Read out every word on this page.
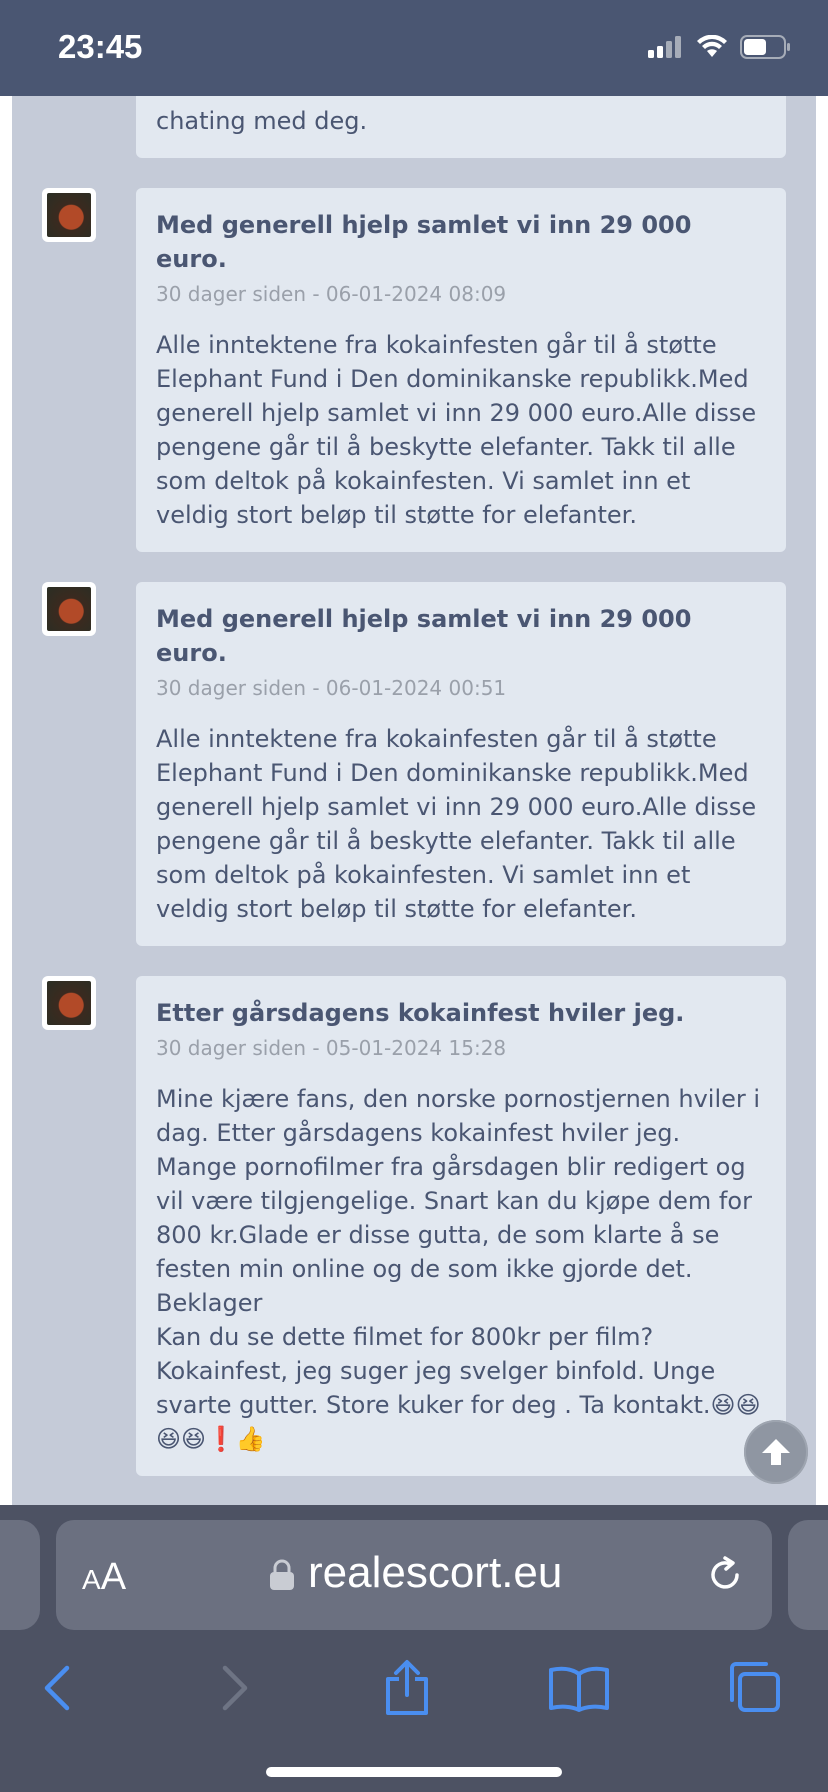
chating med deg.
Med generell hjelp samlet vi inn 29 000 euro.
30 dager siden - 06-01-2024 08:09
Alle inntektene fra kokainfesten går til å støtte Elephant Fund i Den dominikanske republikk.Med generell hjelp samlet vi inn 29 000 euro.Alle disse pengene går til å beskytte elefanter. Takk til alle som deltok på kokainfesten. Vi samlet inn et veldig stort beløp til støtte for elefanter.
Med generell hjelp samlet vi inn 29 000 euro.
30 dager siden - 06-01-2024 00:51
Alle inntektene fra kokainfesten går til å støtte Elephant Fund i Den dominikanske republikk.Med generell hjelp samlet vi inn 29 000 euro.Alle disse pengene går til å beskytte elefanter. Takk til alle som deltok på kokainfesten. Vi samlet inn et veldig stort beløp til støtte for elefanter.
Etter gårsdagens kokainfest hviler jeg.
30 dager siden - 05-01-2024 15:28
Mine kjære fans, den norske pornostjernen hviler i dag. Etter gårsdagens kokainfest hviler jeg. Mange pornofilmer fra gårsdagen blir redigert og vil være tilgjengelige. Snart kan du kjøpe dem for 800 kr.Glade er disse gutta, de som klarte å se festen min online og de som ikke gjorde det. Beklager
Kan du se dette filmet for 800kr per film? Kokainfest, jeg suger jeg svelger binfold. Unge svarte gutter. Store kuker for deg . Ta kontakt.😆😆😆😆❗👍
23:45
AA	realescort.eu
